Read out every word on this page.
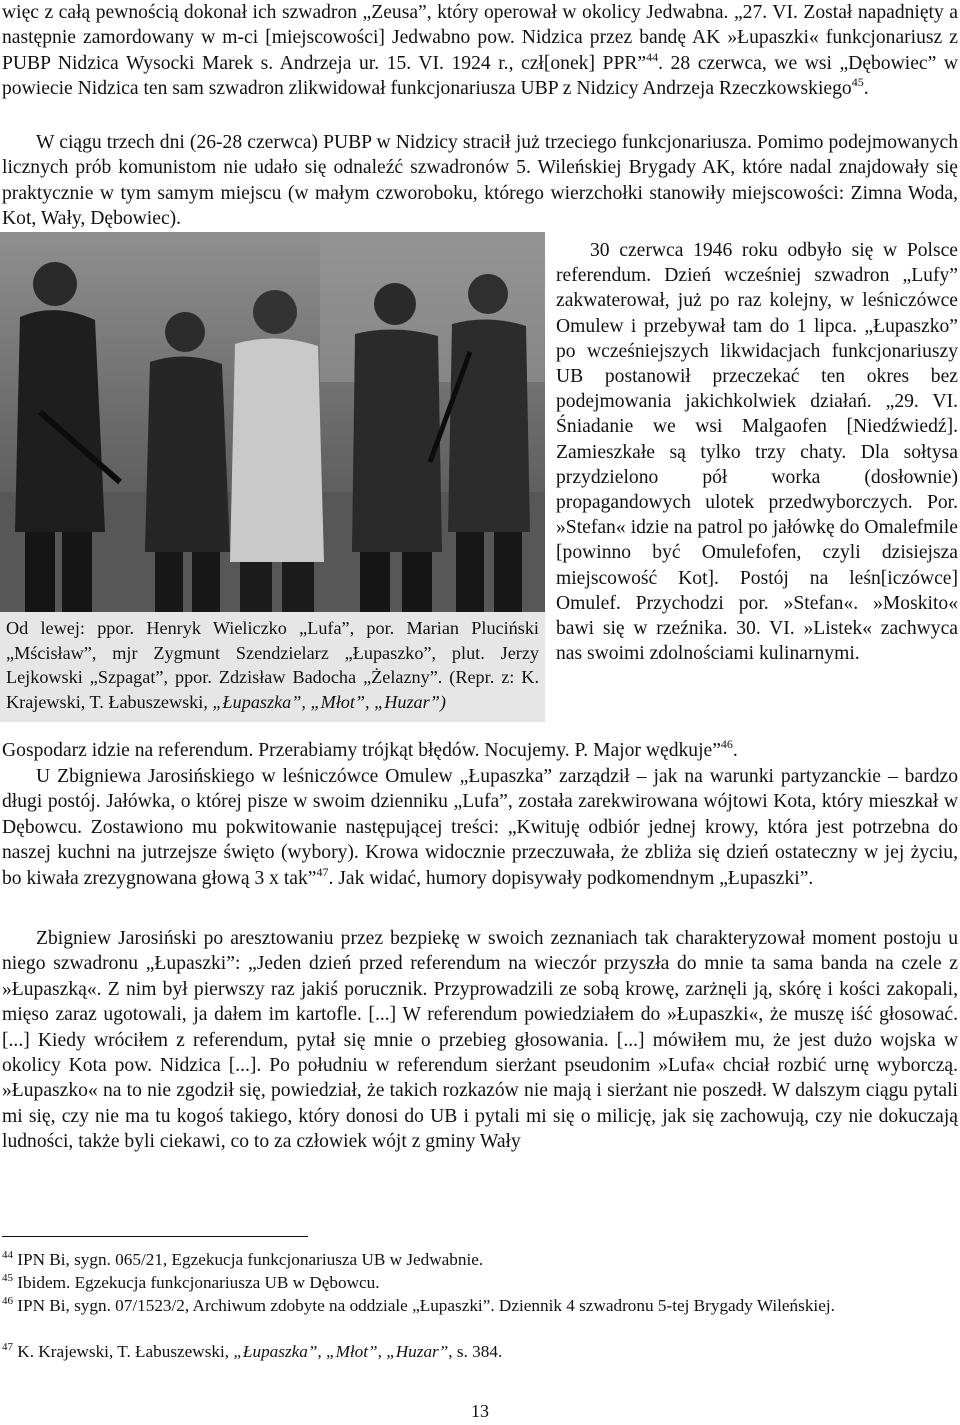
więc z całą pewnością dokonał ich szwadron „Zeusa”, który operował w okolicy Jedwabna. „27. VI. Został napadnięty a następnie zamordowany w m-ci [miejscowości] Jedwabno pow. Nidzica przez bandę AK »Łupaszki« funkcjonariusz z PUBP Nidzica Wysocki Marek s. Andrzeja ur. 15. VI. 1924 r., czł[onek] PPR”$^{44}$. 28 czerwca, we wsi „Dębowiec” w powiecie Nidzica ten sam szwadron zlikwidował funkcjonariusza UBP z Nidzicy Andrzeja Rzeczkowskiego$^{45}$.

W ciągu trzech dni (26-28 czerwca) PUBP w Nidzicy stracił już trzeciego funkcjonariusza. Pomimo podejmowanych licznych prób komunistom nie udało się odnaleźć szwadronów 5. Wileńskiej Brygady AK, które nadal znajdowały się praktycznie w tym samym miejscu (w małym czworoboku, którego wierzchołki stanowiły miejscowości: Zimna Woda, Kot, Wały, Dębowiec).

Od lewej: ppor. Henryk Wieliczko „Lufa”, por. Marian Pluciński „Mścisław”, mjr Zygmunt Szendzielarz „Łupaszko”, plut. Jerzy Lejkowski „Szpagat”, ppor. Zdzisław Badocha „Żelazny”. (Repr. z: K. Krajewski, T. Łabuszewski, „Łupaszka”, „Młot”, „Huzar”)

30 czerwca 1946 roku odbyło się w Polsce referendum. Dzień wcześniej szwadron „Lufy” zakwaterował, już po raz kolejny, w leśniczówce Omulew i przebywał tam do 1 lipca. „Łupaszko” po wcześniejszych likwidacjach funkcjonariuszy UB postanowił przeczekać ten okres bez podejmowania jakichkolwiek działań. „29. VI. Śniadanie we wsi Malgaofen [Niedźwiedź]. Zamieszkałe są tylko trzy chaty. Dla sołtysa przydzielono pół worka (dosłownie) propagandowych ulotek przedwyborczych. Por. »Stefan« idzie na patrol po jałówkę do Omalefmile [powinno być Omulefofen, czyli dzisiejsza miejscowość Kot]. Postój na leśn[iczówce] Omulef. Przychodzi por. »Stefan«. »Moskito« bawi się w rzeźnika. 30. VI. »Listek« zachwyca nas swoimi zdolnościami kulinarnymi.

Gospodarz idzie na referendum. Przerabiamy trójkąt błędów. Nocujemy. P. Major wędkuje”$^{46}$.

U Zbigniewa Jarosińskiego w leśniczówce Omulew „Łupaszka” zarządził – jak na warunki partyzanckie – bardzo długi postój. Jałówka, o której pisze w swoim dzienniku „Lufa”, została zarekwirowana wójtowi Kota, który mieszkał w Dębowcu. Zostawiono mu pokwitowanie następującej treści: „Kwituję odbiór jednej krowy, która jest potrzebna do naszej kuchni na jutrzejsze święto (wybory). Krowa widocznie przeczuwała, że zbliża się dzień ostateczny w jej życiu, bo kiwała zrezygnowana głową 3 x tak”$^{47}$. Jak widać, humory dopisywały podkomendnym „Łupaszki”.

Zbigniew Jarosiński po aresztowaniu przez bezpiekę w swoich zeznaniach tak charakteryzował moment postoju u niego szwadronu „Łupaszki”: „Jeden dzień przed referendum na wieczór przyszła do mnie ta sama banda na czele z »Łupaszką«. Z nim był pierwszy raz jakiś porucznik. Przyprowadzili ze sobą krowę, zarżnęli ją, skórę i kości zakopali, mięso zaraz ugotowali, ja dałem im kartofle. [...] W referendum powiedziałem do »Łupaszki«, że muszę iść głosować. [...] Kiedy wróciłem z referendum, pytał się mnie o przebieg głosowania. [...] mówiłem mu, że jest dużo wojska w okolicy Kota pow. Nidzica [...]. Po południu w referendum sierżant pseudonim »Lufa« chciał rozbić urnę wyborczą. »Łupaszko« na to nie zgodził się, powiedział, że takich rozkazów nie mają i sierżant nie poszedł. W dalszym ciągu pytali mi się, czy nie ma tu kogoś takiego, który donosi do UB i pytali mi się o milicję, jak się zachowują, czy nie dokuczają ludności, także byli ciekawi, co to za człowiek wójt z gminy Wały

$^{44}$ IPN Bi, sygn. 065/21, Egzekucja funkcjonariusza UB w Jedwabnie.

$^{45}$ Ibidem. Egzekucja funkcjonariusza UB w Dębowcu.

$^{46}$ IPN Bi, sygn. 07/1523/2, Archiwum zdobyte na oddziale „Łupaszki”. Dziennik 4 szwadronu 5-tej Brygady Wileńskiej.

$^{47}$ K. Krajewski, T. Łabuszewski, „Łupaszka”, „Młot”, „Huzar”, s. 384.

13
